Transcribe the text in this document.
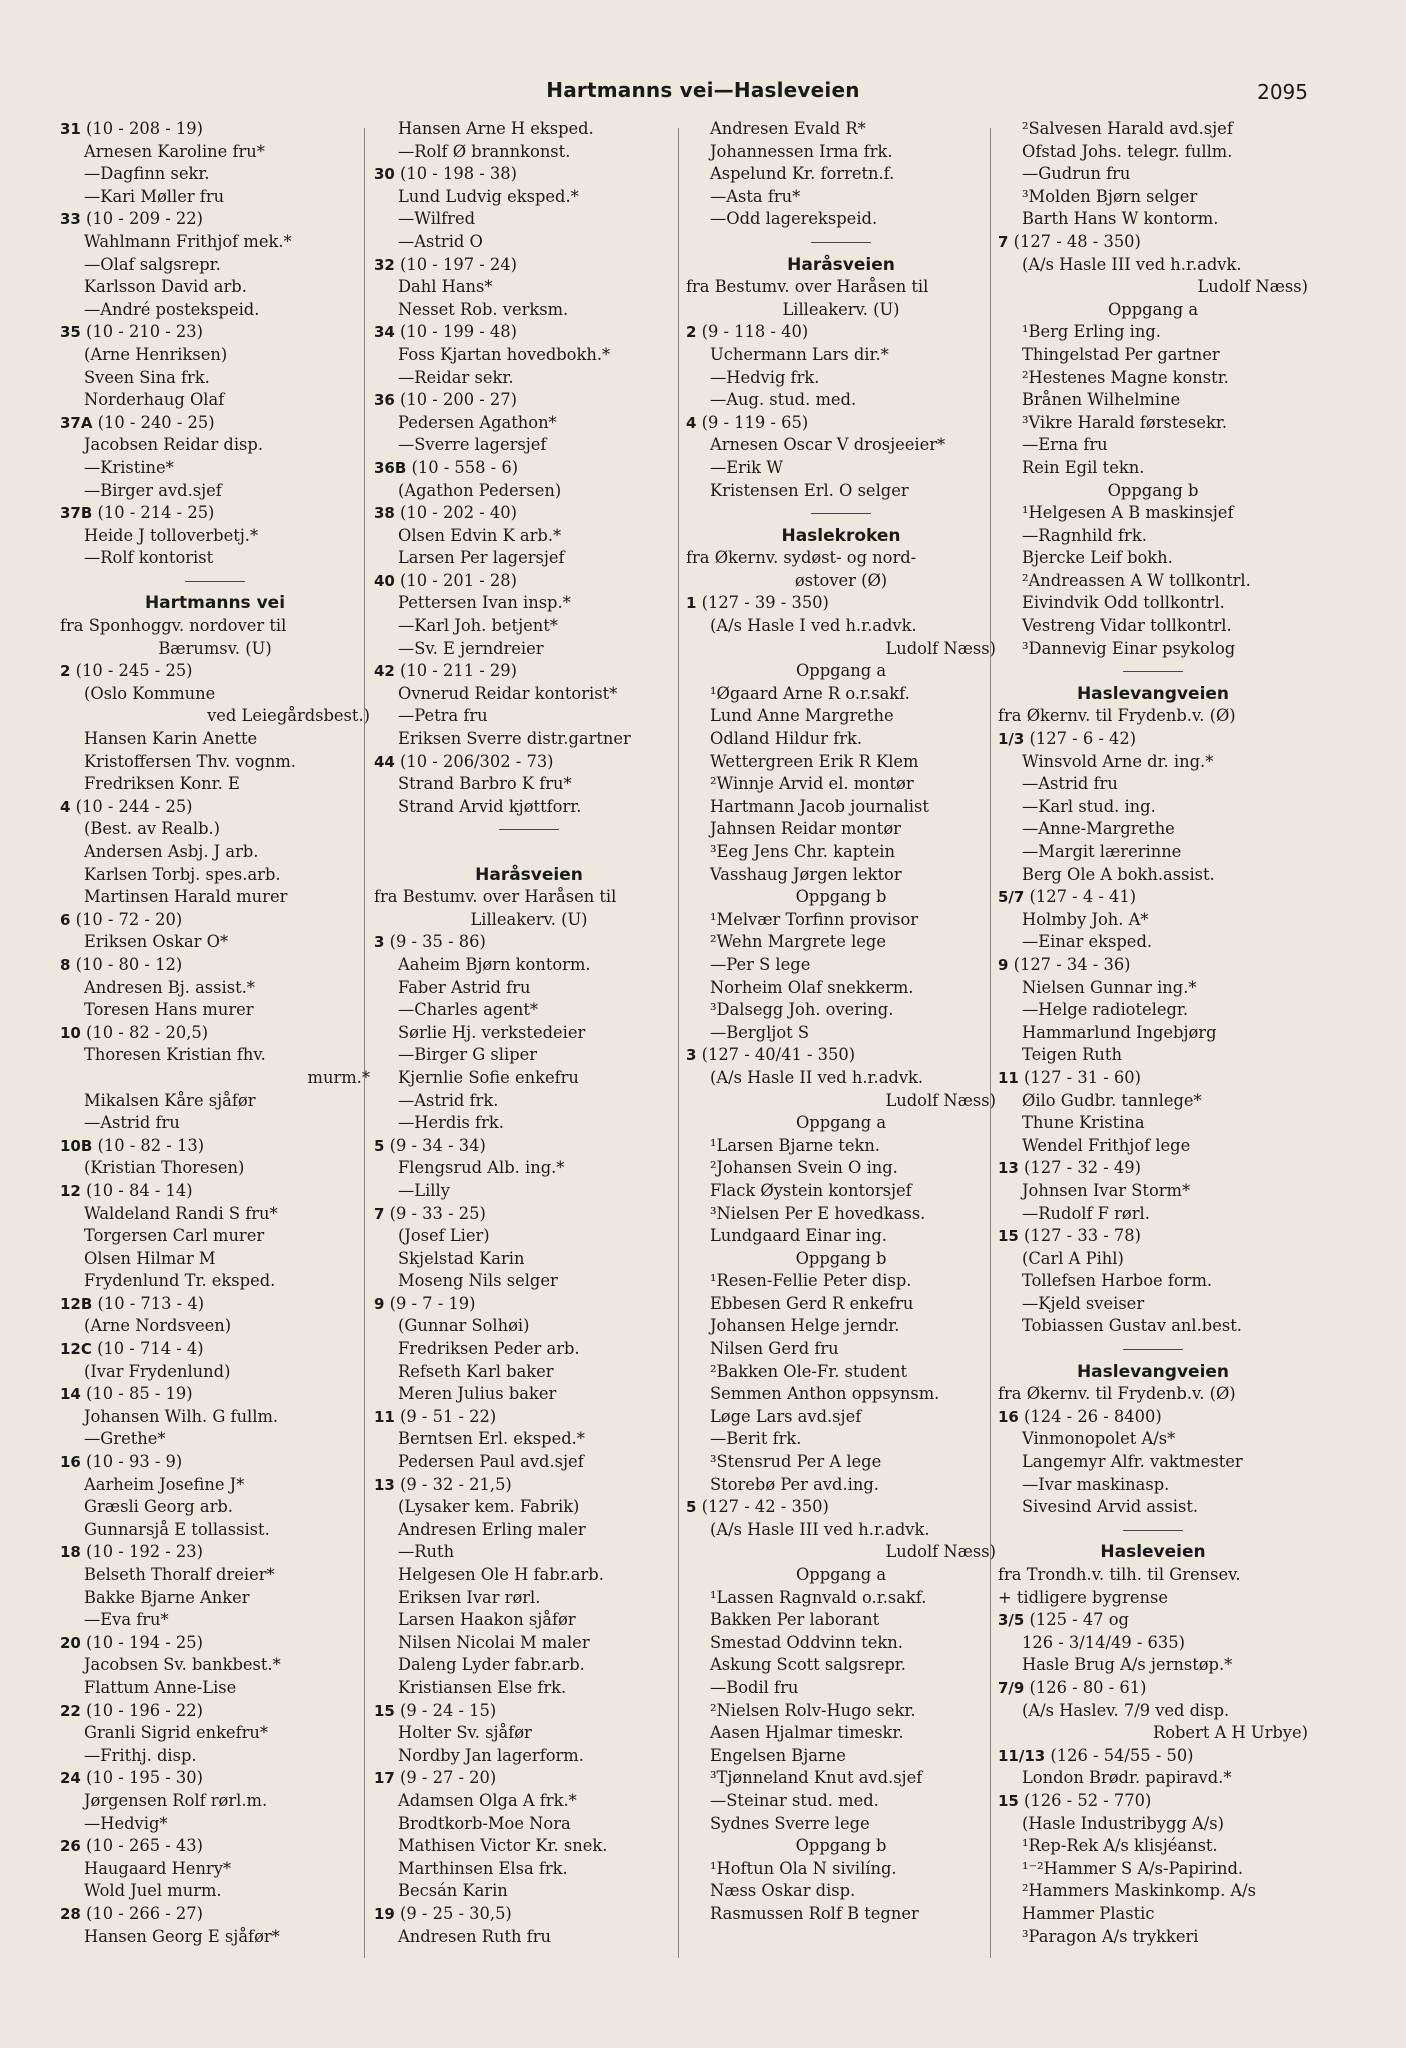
Hartmanns vei—Hasleveien	2095
31 (10 - 208 - 19)
Arnesen Karoline fru*
—Dagfinn sekr.
—Kari Møller fru
33 (10 - 209 - 22)
Wahlmann Frithjof mek.*
—Olaf salgsrepr.
Karlsson David arb.
—André postekspeid.
35 (10 - 210 - 23)
(Arne Henriksen)
Sveen Sina frk.
Norderhaug Olaf
37A (10 - 240 - 25)
Jacobsen Reidar disp.
—Kristine*
—Birger avd.sjef
37B (10 - 214 - 25)
Heide J tolloverbetj.*
—Rolf kontorist
Hartmanns vei
fra Sponhoggv. nordover til
Bærumsv. (U)
2 (10 - 245 - 25)
(Oslo Kommune
ved Leiegårdsbest.)
Hansen Karin Anette
Kristoffersen Thv. vognm.
Fredriksen Konr. E
4 (10 - 244 - 25)
(Best. av Realb.)
Andersen Asbj. J arb.
Karlsen Torbj. spes.arb.
Martinsen Harald murer
6 (10 - 72 - 20)
Eriksen Oskar O*
8 (10 - 80 - 12)
Andresen Bj. assist.*
Toresen Hans murer
10 (10 - 82 - 20,5)
Thoresen Kristian fhv.
murm.*
Mikalsen Kåre sjåfør
—Astrid fru
10B (10 - 82 - 13)
(Kristian Thoresen)
12 (10 - 84 - 14)
Waldeland Randi S fru*
Torgersen Carl murer
Olsen Hilmar M
Frydenlund Tr. eksped.
12B (10 - 713 - 4)
(Arne Nordsveen)
12C (10 - 714 - 4)
(Ivar Frydenlund)
14 (10 - 85 - 19)
Johansen Wilh. G fullm.
—Grethe*
16 (10 - 93 - 9)
Aarheim Josefine J*
Græsli Georg arb.
Gunnarsjå E tollassist.
18 (10 - 192 - 23)
Belseth Thoralf dreier*
Bakke Bjarne Anker
—Eva fru*
20 (10 - 194 - 25)
Jacobsen Sv. bankbest.*
Flattum Anne-Lise
22 (10 - 196 - 22)
Granli Sigrid enkefru*
—Frithj. disp.
24 (10 - 195 - 30)
Jørgensen Rolf rørl.m.
—Hedvig*
26 (10 - 265 - 43)
Haugaard Henry*
Wold Juel murm.
28 (10 - 266 - 27)
Hansen Georg E sjåfør*
Hansen Arne H eksped.
—Rolf Ø brannkonst.
30 (10 - 198 - 38)
Lund Ludvig eksped.*
—Wilfred
—Astrid O
32 (10 - 197 - 24)
Dahl Hans*
Nesset Rob. verksm.
34 (10 - 199 - 48)
Foss Kjartan hovedbokh.*
—Reidar sekr.
36 (10 - 200 - 27)
Pedersen Agathon*
—Sverre lagersjef
36B (10 - 558 - 6)
(Agathon Pedersen)
38 (10 - 202 - 40)
Olsen Edvin K arb.*
Larsen Per lagersjef
40 (10 - 201 - 28)
Pettersen Ivan insp.*
—Karl Joh. betjent*
—Sv. E jerndreier
42 (10 - 211 - 29)
Ovnerud Reidar kontorist*
—Petra fru
Eriksen Sverre distr.gartner
44 (10 - 206/302 - 73)
Strand Barbro K fru*
Strand Arvid kjøttforr.
Haråsveien
fra Bestumv. over Haråsen til
Lilleakerv. (U)
3 (9 - 35 - 86)
Aaheim Bjørn kontorm.
Faber Astrid fru
—Charles agent*
Sørlie Hj. verkstedeier
—Birger G sliper
Kjernlie Sofie enkefru
—Astrid frk.
—Herdis frk.
5 (9 - 34 - 34)
Flengsrud Alb. ing.*
—Lilly
7 (9 - 33 - 25)
(Josef Lier)
Skjelstad Karin
Moseng Nils selger
9 (9 - 7 - 19)
(Gunnar Solhøi)
Fredriksen Peder arb.
Refseth Karl baker
Meren Julius baker
11 (9 - 51 - 22)
Berntsen Erl. eksped.*
Pedersen Paul avd.sjef
13 (9 - 32 - 21,5)
(Lysaker kem. Fabrik)
Andresen Erling maler
—Ruth
Helgesen Ole H fabr.arb.
Eriksen Ivar rørl.
Larsen Haakon sjåfør
Nilsen Nicolai M maler
Daleng Lyder fabr.arb.
Kristiansen Else frk.
15 (9 - 24 - 15)
Holter Sv. sjåfør
Nordby Jan lagerform.
17 (9 - 27 - 20)
Adamsen Olga A frk.*
Brodtkorb-Moe Nora
Mathisen Victor Kr. snek.
Marthinsen Elsa frk.
Becsán Karin
19 (9 - 25 - 30,5)
Andresen Ruth fru
Andresen Evald R*
Johannessen Irma frk.
Aspelund Kr. forretn.f.
—Asta fru*
—Odd lagerekspeid.
Haråsveien
fra Bestumv. over Haråsen til
Lilleakerv. (U)
2 (9 - 118 - 40)
Uchermann Lars dir.*
—Hedvig frk.
—Aug. stud. med.
4 (9 - 119 - 65)
Arnesen Oscar V drosjeeier*
—Erik W
Kristensen Erl. O selger
Haslekroken
fra Økernv. sydøst- og nord-
østover (Ø)
1 (127 - 39 - 350)
(A/s Hasle I ved h.r.advk.
Ludolf Næss)
Oppgang a
¹Øgaard Arne R o.r.sakf.
Lund Anne Margrethe
Odland Hildur frk.
Wettergreen Erik R Klem
²Winnje Arvid el. montør
Hartmann Jacob journalist
Jahnsen Reidar montør
³Eeg Jens Chr. kaptein
Vasshaug Jørgen lektor
Oppgang b
¹Melvær Torfinn provisor
²Wehn Margrete lege
—Per S lege
Norheim Olaf snekkerm.
³Dalsegg Joh. overing.
—Bergljot S
3 (127 - 40/41 - 350)
(A/s Hasle II ved h.r.advk.
Ludolf Næss)
Oppgang a
¹Larsen Bjarne tekn.
²Johansen Svein O ing.
Flack Øystein kontorsjef
³Nielsen Per E hovedkass.
Lundgaard Einar ing.
Oppgang b
¹Resen-Fellie Peter disp.
Ebbesen Gerd R enkefru
Johansen Helge jerndr.
Nilsen Gerd fru
²Bakken Ole-Fr. student
Semmen Anthon oppsynsm.
Løge Lars avd.sjef
—Berit frk.
³Stensrud Per A lege
Storebø Per avd.ing.
5 (127 - 42 - 350)
(A/s Hasle III ved h.r.advk.
Ludolf Næss)
Oppgang a
¹Lassen Ragnvald o.r.sakf.
Bakken Per laborant
Smestad Oddvinn tekn.
Askung Scott salgsrepr.
—Bodil fru
²Nielsen Rolv-Hugo sekr.
Aasen Hjalmar timeskr.
Engelsen Bjarne
³Tjønneland Knut avd.sjef
—Steinar stud. med.
Sydnes Sverre lege
Oppgang b
¹Hoftun Ola N sivilíng.
Næss Oskar disp.
Rasmussen Rolf B tegner
²Salvesen Harald avd.sjef
Ofstad Johs. telegr. fullm.
—Gudrun fru
³Molden Bjørn selger
Barth Hans W kontorm.
7 (127 - 48 - 350)
(A/s Hasle III ved h.r.advk.
Ludolf Næss)
Oppgang a
¹Berg Erling ing.
Thingelstad Per gartner
²Hestenes Magne konstr.
Brånen Wilhelmine
³Vikre Harald førstesekr.
—Erna fru
Rein Egil tekn.
Oppgang b
¹Helgesen A B maskinsjef
—Ragnhild frk.
Bjercke Leif bokh.
²Andreassen A W tollkontrl.
Eivindvik Odd tollkontrl.
Vestreng Vidar tollkontrl.
³Dannevig Einar psykolog
Haslevangveien
fra Økernv. til Frydenb.v. (Ø)
1/3 (127 - 6 - 42)
Winsvold Arne dr. ing.*
—Astrid fru
—Karl stud. ing.
—Anne-Margrethe
—Margit lærerinne
Berg Ole A bokh.assist.
5/7 (127 - 4 - 41)
Holmby Joh. A*
—Einar eksped.
9 (127 - 34 - 36)
Nielsen Gunnar ing.*
—Helge radiotelegr.
Hammarlund Ingebjørg
Teigen Ruth
11 (127 - 31 - 60)
Øilo Gudbr. tannlege*
Thune Kristina
Wendel Frithjof lege
13 (127 - 32 - 49)
Johnsen Ivar Storm*
—Rudolf F rørl.
15 (127 - 33 - 78)
(Carl A Pihl)
Tollefsen Harboe form.
—Kjeld sveiser
Tobiassen Gustav anl.best.
Haslevangveien
fra Økernv. til Frydenb.v. (Ø)
16 (124 - 26 - 8400)
Vinmonopolet A/s*
Langemyr Alfr. vaktmester
—Ivar maskinasp.
Sivesind Arvid assist.
Hasleveien
fra Trondh.v. tilh. til Grensev.
+ tidligere bygrense
3/5 (125 - 47 og
126 - 3/14/49 - 635)
Hasle Brug A/s jernstøp.*
7/9 (126 - 80 - 61)
(A/s Haslev. 7/9 ved disp.
Robert A H Urbye)
11/13 (126 - 54/55 - 50)
London Brødr. papiravd.*
15 (126 - 52 - 770)
(Hasle Industribygg A/s)
¹Rep-Rek A/s klisjéanst.
¹⁻²Hammer S A/s-Papirind.
²Hammers Maskinkomp. A/s
Hammer Plastic
³Paragon A/s trykkeri
